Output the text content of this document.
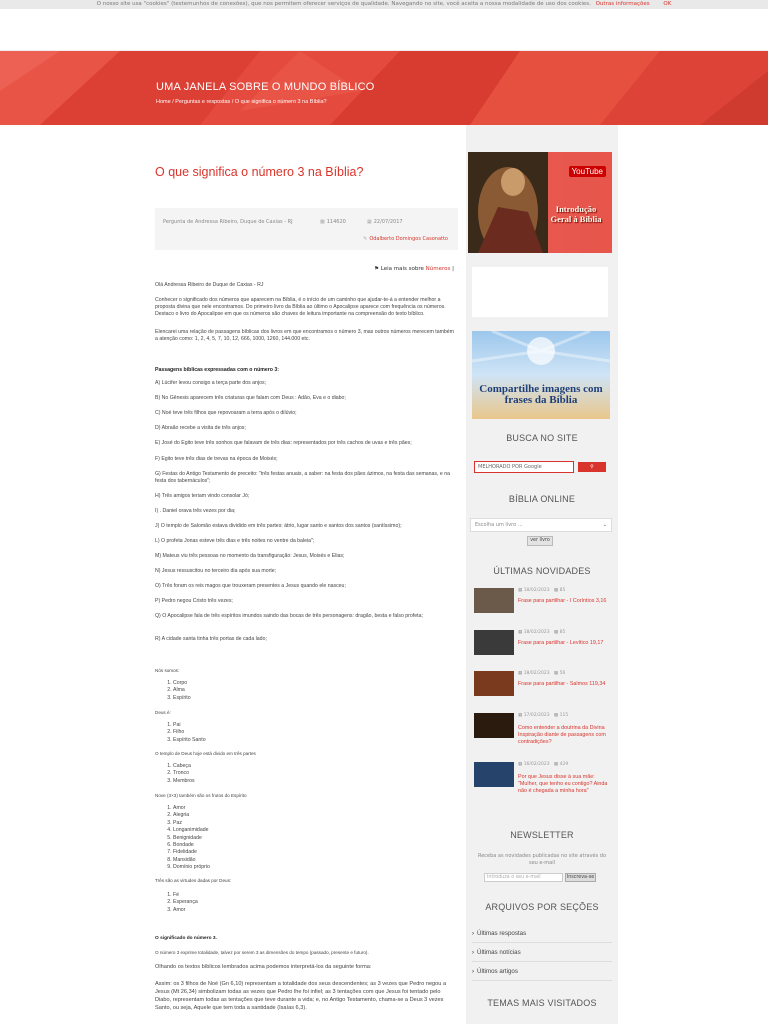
O nosso site usa "cookies" (testemunhos de conexões), que nos permitem oferecer serviços de qualidade. Navegando no site, você aceita a nossa modalidade de uso dos cookies. Outras informações	OK
UMA JANELA SOBRE O MUNDO BÍBLICO
Home / Perguntas e respostas / O que significa o número 3 na Bíblia?
O que significa o número 3 na Bíblia?
Pergunta de Andressa Ribeiro, Duque de Caxias - RJ	▩ 114620	▦ 22/07/2017
✎ Odalberto Domingos Casonatto
⚑ Leia mais sobre Números |

Olá Andressa Ribeiro de Duque de Caxias - RJ

Conhecer o significado dos números que aparecem na Bíblia, é o início de um caminho que ajudar-te-á a entender melhor a proposta divina que nele encontramos. Do primeiro livro da Bíblia ao último o Apocalipse aparece com frequência os números. Destaco o livro do Apocalipse em que os números são chaves de leitura importante na compreensão do texto bíblico.

Elencarei uma relação de passagens bíblicas dos livros em que encontramos o número 3, mas outros números merecem também a atenção como: 1, 2, 4, 5, 7, 10, 12, 666, 1000, 1260, 144.000 etc.

Passagens bíblicas expressadas com o número 3:

A) Lúcifer levou consigo a terça parte dos anjos;

B) No Gênesis aparecem três criaturas que falam com Deus : Adão, Eva e o diabo;

C) Noé teve três filhos que repovoaram a terra após o dilúvio;

D) Abraão recebe a visita de três anjos;

E) José do Egito teve três sonhos que falavam de três dias: representados por três cachos de uvas e três pães;

F) Egito teve três dias de trevas na época de Moisés;

G) Festas do Antigo Testamento de preceito: "três festas anuais, a saber: na festa dos pães ázimos, na festa das semanas, e na festa dos tabernáculos";

H) Três amigos teriam vindo consolar Jó;

I) . Daniel orava três vezes por dia;

J) O templo de Salomão estava dividido em três partes: átrio, lugar santo e santos dos santos (santíssimo);

L) O profeta Jonas esteve três dias e três noites no ventre da baleia";

M) Mateus viu três pessoas no momento da transfiguração: Jesus, Moisés e Elias;

N) Jesus ressuscitou no terceiro dia após sua morte;

O) Três foram os reis magos que trouxeram presentes a Jesus quando ele nasceu;

P) Pedro negou Cristo três vezes;

Q) O Apocalipse fala de três espíritos imundos saindo das bocas de três personagens: dragão, besta e falso profeta;

R) A cidade santa tinha três portas de cada lado;

Nós somos:

1. Corpo
2. Alma
3. Espírito

Deus é:

1. Pai
2. Filho
3. Espírito Santo

O templo de Deus hoje está divido em três partes

1. Cabeça
2. Tronco
3. Membros

Nove (3×3) também são os frutos do Espírito

1. Amor
2. Alegria
3. Paz
4. Longanimidade
5. Benignidade
6. Bondade
7. Fidelidade
8. Mansidão
9. Domínio próprio

Três são as virtudes dadas por Deus:

1. Fé
2. Esperança
3. Amor

O significado do número 3.

O número 3 exprime totalidade, talvez por serem 3 as dimensões do tempo (passado, presente e futuro).

Olhando os textos bíblicos lembrados acima podemos interpretá-los da seguinte forma:

Assim: os 3 filhos de Noé (Gn 6,10) representam a totalidade dos seus descendentes; as 3 vezes que Pedro negou a Jesus (Mt 26,34) simbolizam todas as vezes que Pedro lhe foi infiel; as 3 tentações com que Jesus foi tentado pelo Diabo, representam todas as tentações que teve durante a vida; e, no Antigo Testamento, chama-se a Deus 3 vezes Santo, ou seja, Aquele que tem toda a santidade (Isaías 6,3).

YouTube
Introdução Geral à Bíblia
Compartilhe imagens com frases da Bíblia
BUSCA NO SITE
MELHORADO POR Google	⚲
BÍBLIA ONLINE
Escolha um livro ...	⌄
ver livro
ÚLTIMAS NOVIDADES
▦ 18/02/2023   ▩ 85
Frase para partilhar - I Coríntios 3,16
▦ 18/02/2023   ▩ 85
Frase para partilhar - Levítico 19,17
▦ 18/02/2023   ▩ 56
Frase para partilhar - Salmos 119,34
▦ 17/02/2023   ▩ 115
Como entender a doutrina da Divina Inspiração diante de passagens com contradições?
▦ 16/02/2023   ▩ 429
Por que Jesus disse à sua mãe: "Mulher, que tenho eu contigo? Ainda não é chegada a minha hora"
NEWSLETTER
Receba as novidades publicadas no site através do seu e-mail
Introduza o seu e-mail	Inscreva-se
ARQUIVOS POR SEÇÕES
› Últimas respostas
› Últimas notícias
› Últimos artigos
TEMAS MAIS VISITADOS
